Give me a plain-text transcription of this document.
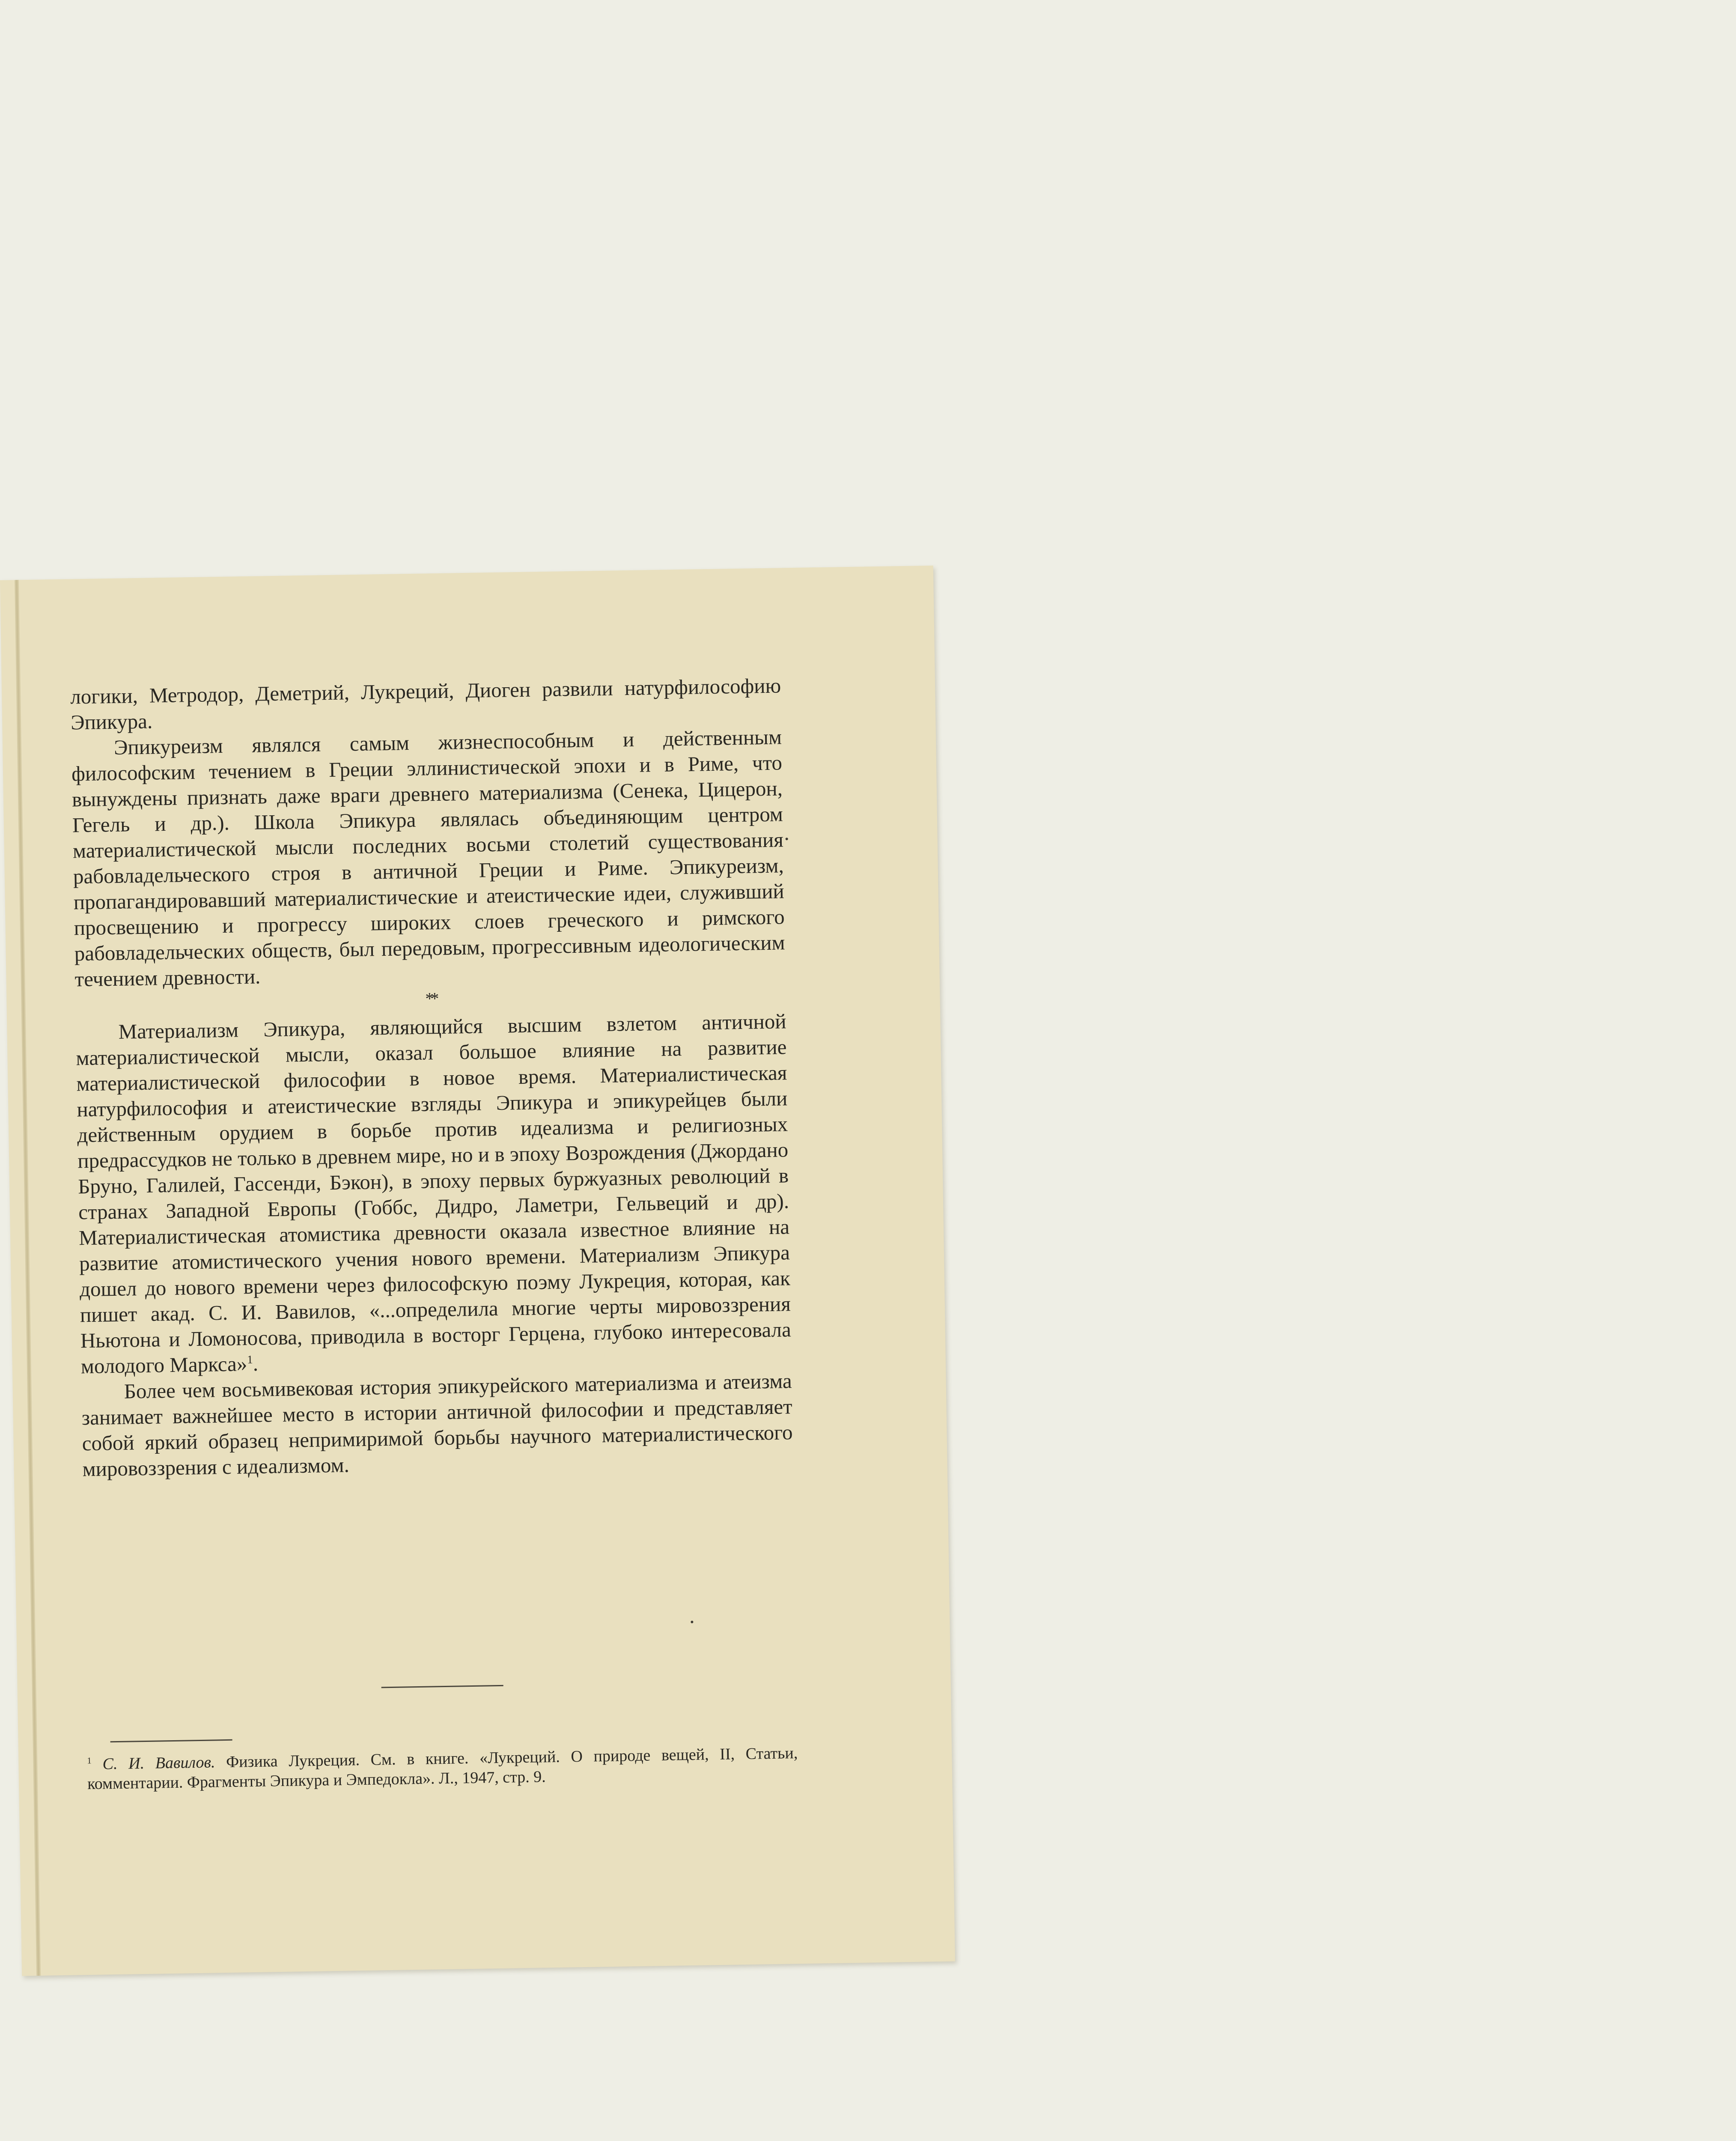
логики, Метродор, Деметрий, Лукреций, Диоген развили натурфилософию Эпикура.

Эпикуреизм являлся самым жизнеспособным и действенным философским течением в Греции эллинистической эпохи и в Риме, что вынуждены признать даже враги древнего материализма (Сенека, Цицерон, Гегель и др.). Школа Эпикура являлась объединяющим центром материалистической мысли последних восьми столетий существования рабовладельческого строя в античной Греции и Риме. Эпикуреизм, пропагандировавший материалистические и атеистические идеи, служивший просвещению и прогрессу широких слоев греческого и римского рабовладельческих обществ, был передовым, прогрессивным идеологическим течением древности.

**

Материализм Эпикура, являющийся высшим взлетом античной материалистической мысли, оказал большое влияние на развитие материалистической философии в новое время. Материалистическая натурфилософия и атеистические взгляды Эпикура и эпикурейцев были действенным орудием в борьбе против идеализма и религиозных предрассудков не только в древнем мире, но и в эпоху Возрождения (Джордано Бруно, Галилей, Гассенди, Бэкон), в эпоху первых буржуазных революций в странах Западной Европы (Гоббс, Дидро, Ламетри, Гельвеций и др). Материалистическая атомистика древности оказала известное влияние на развитие атомистического учения нового времени. Материализм Эпикура дошел до нового времени через философскую поэму Лукреция, которая, как пишет акад. С. И. Вавилов, «...определила многие черты мировоззрения Ньютона и Ломоносова, приводила в восторг Герцена, глубоко интересовала молодого Маркса»$^1$.

Более чем восьмивековая история эпикурейского материализма и атеизма занимает важнейшее место в истории античной философии и представляет собой яркий образец непримиримой борьбы научного материалистического мировоззрения с идеализмом.

$^1$ С. И. Вавилов. Физика Лукреция. См. в книге. «Лукреций. О природе вещей, II, Статьи, комментарии. Фрагменты Эпикура и Эмпедокла». Л., 1947, стр. 9.
